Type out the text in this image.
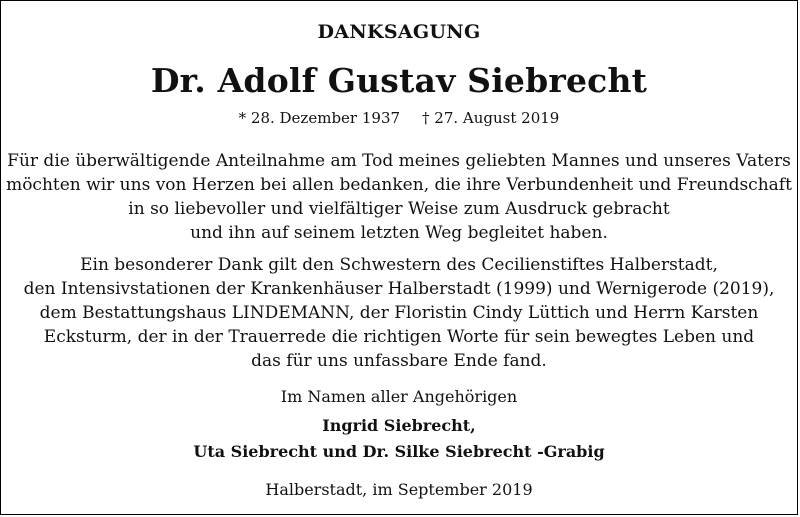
DANKSAGUNG
Dr. Adolf Gustav Siebrecht
* 28. Dezember 1937 † 27. August 2019
Für die überwältigende Anteilnahme am Tod meines geliebten Mannes und unseres Vaters
möchten wir uns von Herzen bei allen bedanken, die ihre Verbundenheit und Freundschaft
in so liebevoller und vielfältiger Weise zum Ausdruck gebracht
und ihn auf seinem letzten Weg begleitet haben.
Ein besonderer Dank gilt den Schwestern des Cecilienstiftes Halberstadt,
den Intensivstationen der Krankenhäuser Halberstadt (1999) und Wernigerode (2019),
dem Bestattungshaus LINDEMANN, der Floristin Cindy Lüttich und Herrn Karsten
Ecksturm, der in der Trauerrede die richtigen Worte für sein bewegtes Leben und
das für uns unfassbare Ende fand.
Im Namen aller Angehörigen
Ingrid Siebrecht,
Uta Siebrecht und Dr. Silke Siebrecht -Grabig
Halberstadt, im September 2019
